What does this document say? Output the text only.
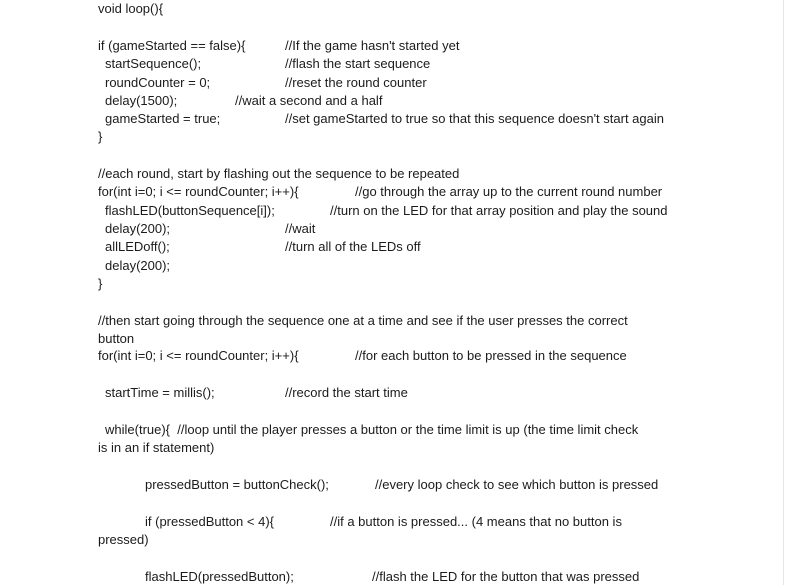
void loop(){
if (gameStarted == false){	//If the game hasn't started yet
startSequence();	//flash the start sequence
roundCounter = 0;	//reset the round counter
delay(1500);	//wait a second and a half
gameStarted = true;	//set gameStarted to true so that this sequence doesn't start again
}
//each round, start by flashing out the sequence to be repeated
for(int i=0; i <= roundCounter; i++){	//go through the array up to the current round number
flashLED(buttonSequence[i]);	//turn on the LED for that array position and play the sound
delay(200);	//wait
allLEDoff();	//turn all of the LEDs off
delay(200);
}
//then start going through the sequence one at a time and see if the user presses the correct
button
for(int i=0; i <= roundCounter; i++){	//for each button to be pressed in the sequence
startTime = millis();	//record the start time
while(true){  //loop until the player presses a button or the time limit is up (the time limit check
is in an if statement)
pressedButton = buttonCheck();	//every loop check to see which button is pressed
if (pressedButton < 4){	//if a button is pressed... (4 means that no button is
pressed)
flashLED(pressedButton);	//flash the LED for the button that was pressed
